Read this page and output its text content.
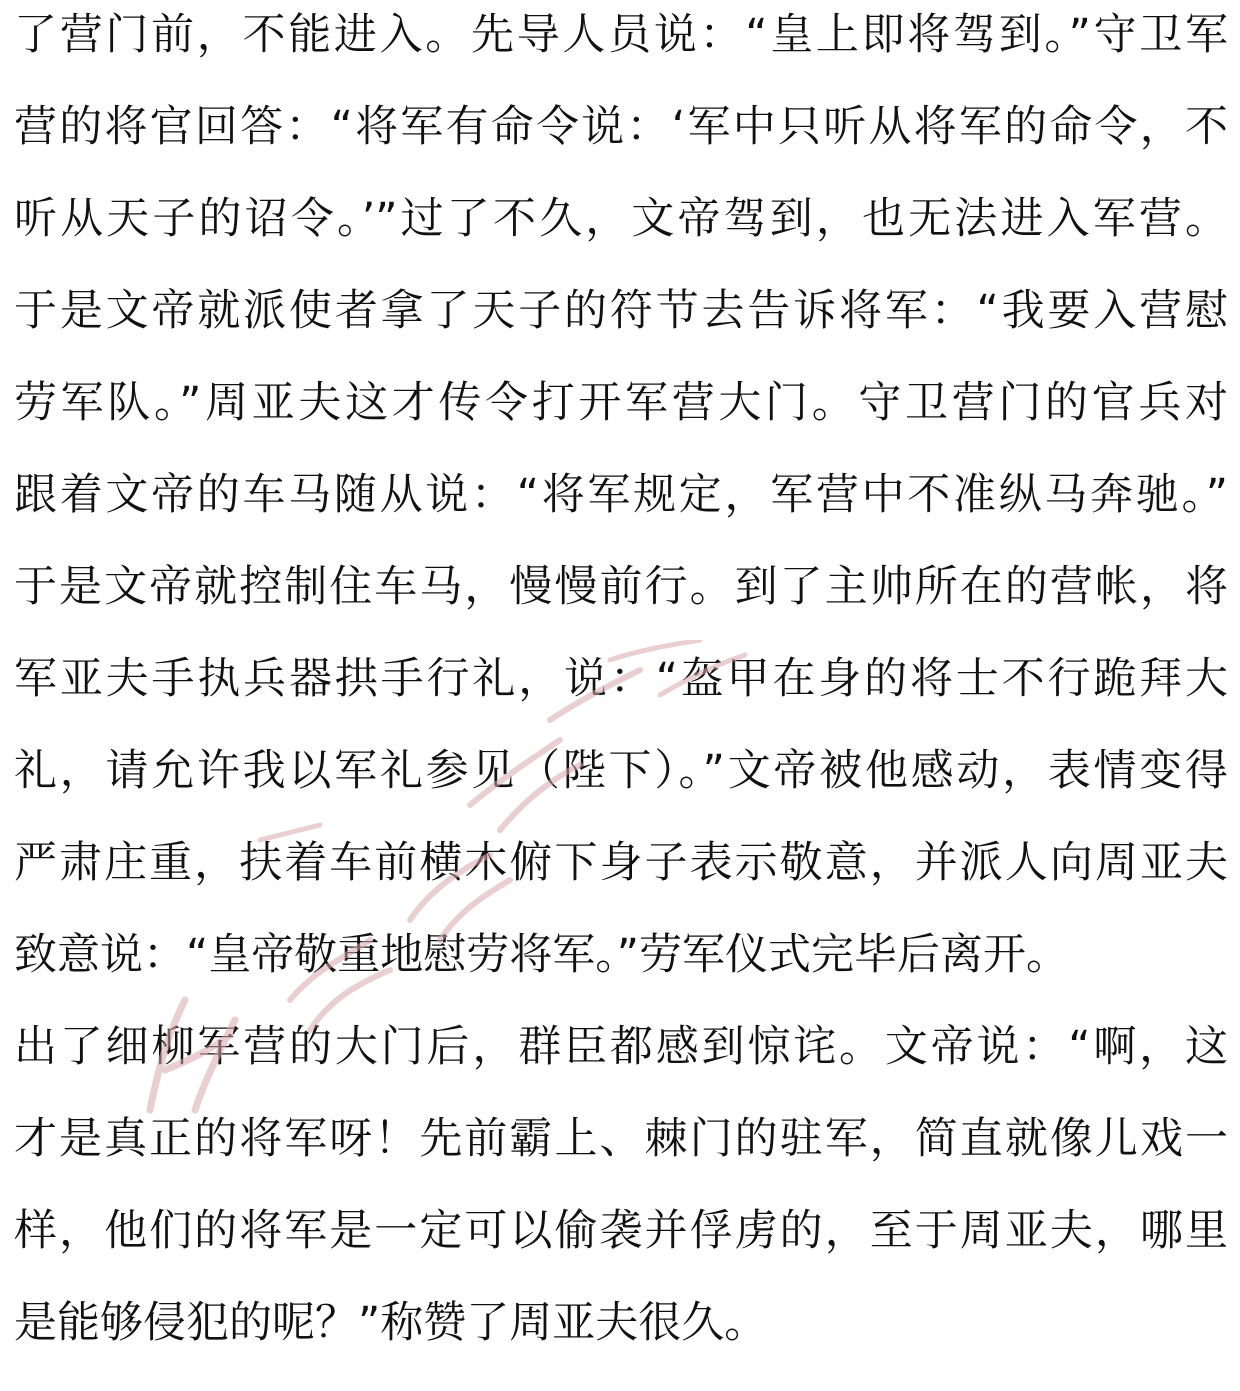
了营门前，不能进入。先导人员说：“皇上即将驾到。”守卫军
营的将官回答：“将军有命令说：‘军中只听从将军的命令，不
听从天子的诏令。’”过了不久，文帝驾到，也无法进入军营。
于是文帝就派使者拿了天子的符节去告诉将军：“我要入营慰
劳军队。”周亚夫这才传令打开军营大门。守卫营门的官兵对
跟着文帝的车马随从说：“将军规定，军营中不准纵马奔驰。”
于是文帝就控制住车马，慢慢前行。到了主帅所在的营帐，将
军亚夫手执兵器拱手行礼，说：“盔甲在身的将士不行跪拜大
礼，请允许我以军礼参见（陛下）。”文帝被他感动，表情变得
严肃庄重，扶着车前横木俯下身子表示敬意，并派人向周亚夫
致意说：“皇帝敬重地慰劳将军。”劳军仪式完毕后离开。
出了细柳军营的大门后，群臣都感到惊诧。文帝说：“啊，这
才是真正的将军呀！先前霸上、棘门的驻军，简直就像儿戏一
样，他们的将军是一定可以偷袭并俘虏的，至于周亚夫，哪里
是能够侵犯的呢？”称赞了周亚夫很久。
